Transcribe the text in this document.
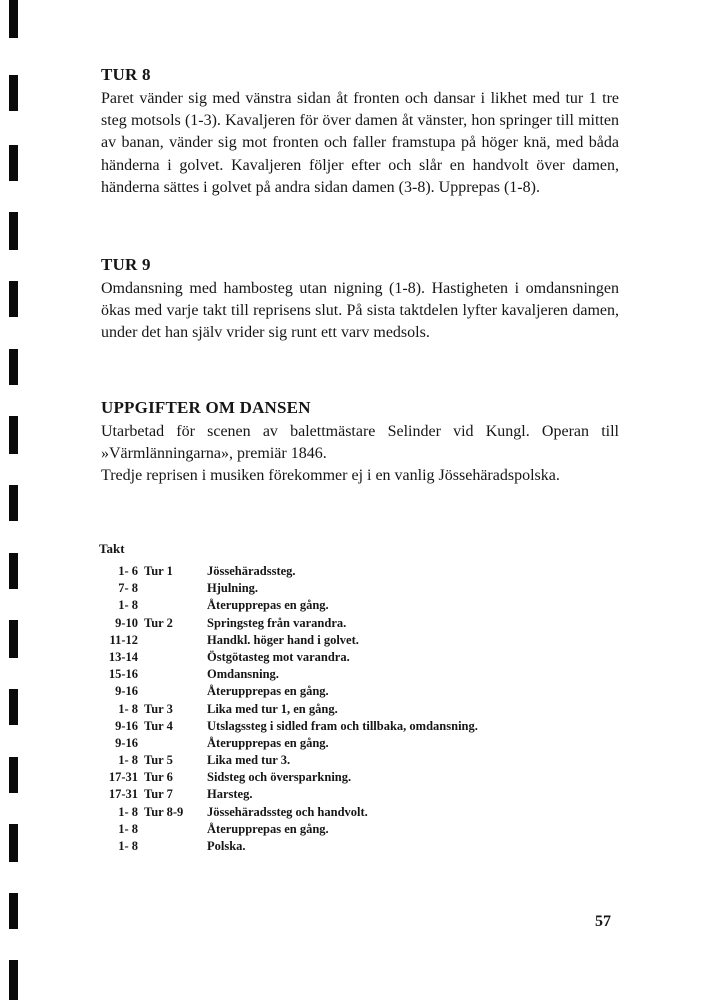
TUR 8

Paret vänder sig med vänstra sidan åt fronten och dansar i likhet med tur 1 tre steg motsols (1-3). Kavaljeren för över damen åt vänster, hon springer till mitten av banan, vänder sig mot fronten och faller framstupa på höger knä, med båda händerna i golvet. Kavaljeren följer efter och slår en handvolt över damen, händerna sättes i golvet på andra sidan damen (3-8). Upprepas (1-8).

TUR 9

Omdansning med hambosteg utan nigning (1-8). Hastigheten i omdansningen ökas med varje takt till reprisens slut. På sista taktdelen lyfter kavaljeren damen, under det han själv vrider sig runt ett varv medsols.

UPPGIFTER OM DANSEN

Utarbetad för scenen av balettmästare Selinder vid Kungl. Operan till »Värmlänningarna», premiär 1846.

Tredje reprisen i musiken förekommer ej i en vanlig Jössehäradspolska.

Takt
1- 6 Tur 1	Jössehäradssteg.
7- 8	Hjulning.
1- 8	Återupprepas en gång.
9-10 Tur 2	Springsteg från varandra.
11-12	Handkl. höger hand i golvet.
13-14	Östgötasteg mot varandra.
15-16	Omdansning.
9-16	Återupprepas en gång.
1- 8 Tur 3	Lika med tur 1, en gång.
9-16 Tur 4	Utslagssteg i sidled fram och tillbaka, omdansning.
9-16	Återupprepas en gång.
1- 8 Tur 5	Lika med tur 3.
17-31 Tur 6	Sidsteg och översparkning.
17-31 Tur 7	Harsteg.
1- 8 Tur 8-9 Jössehäradssteg och handvolt.
1- 8	Återupprepas en gång.
1- 8	Polska.
57
